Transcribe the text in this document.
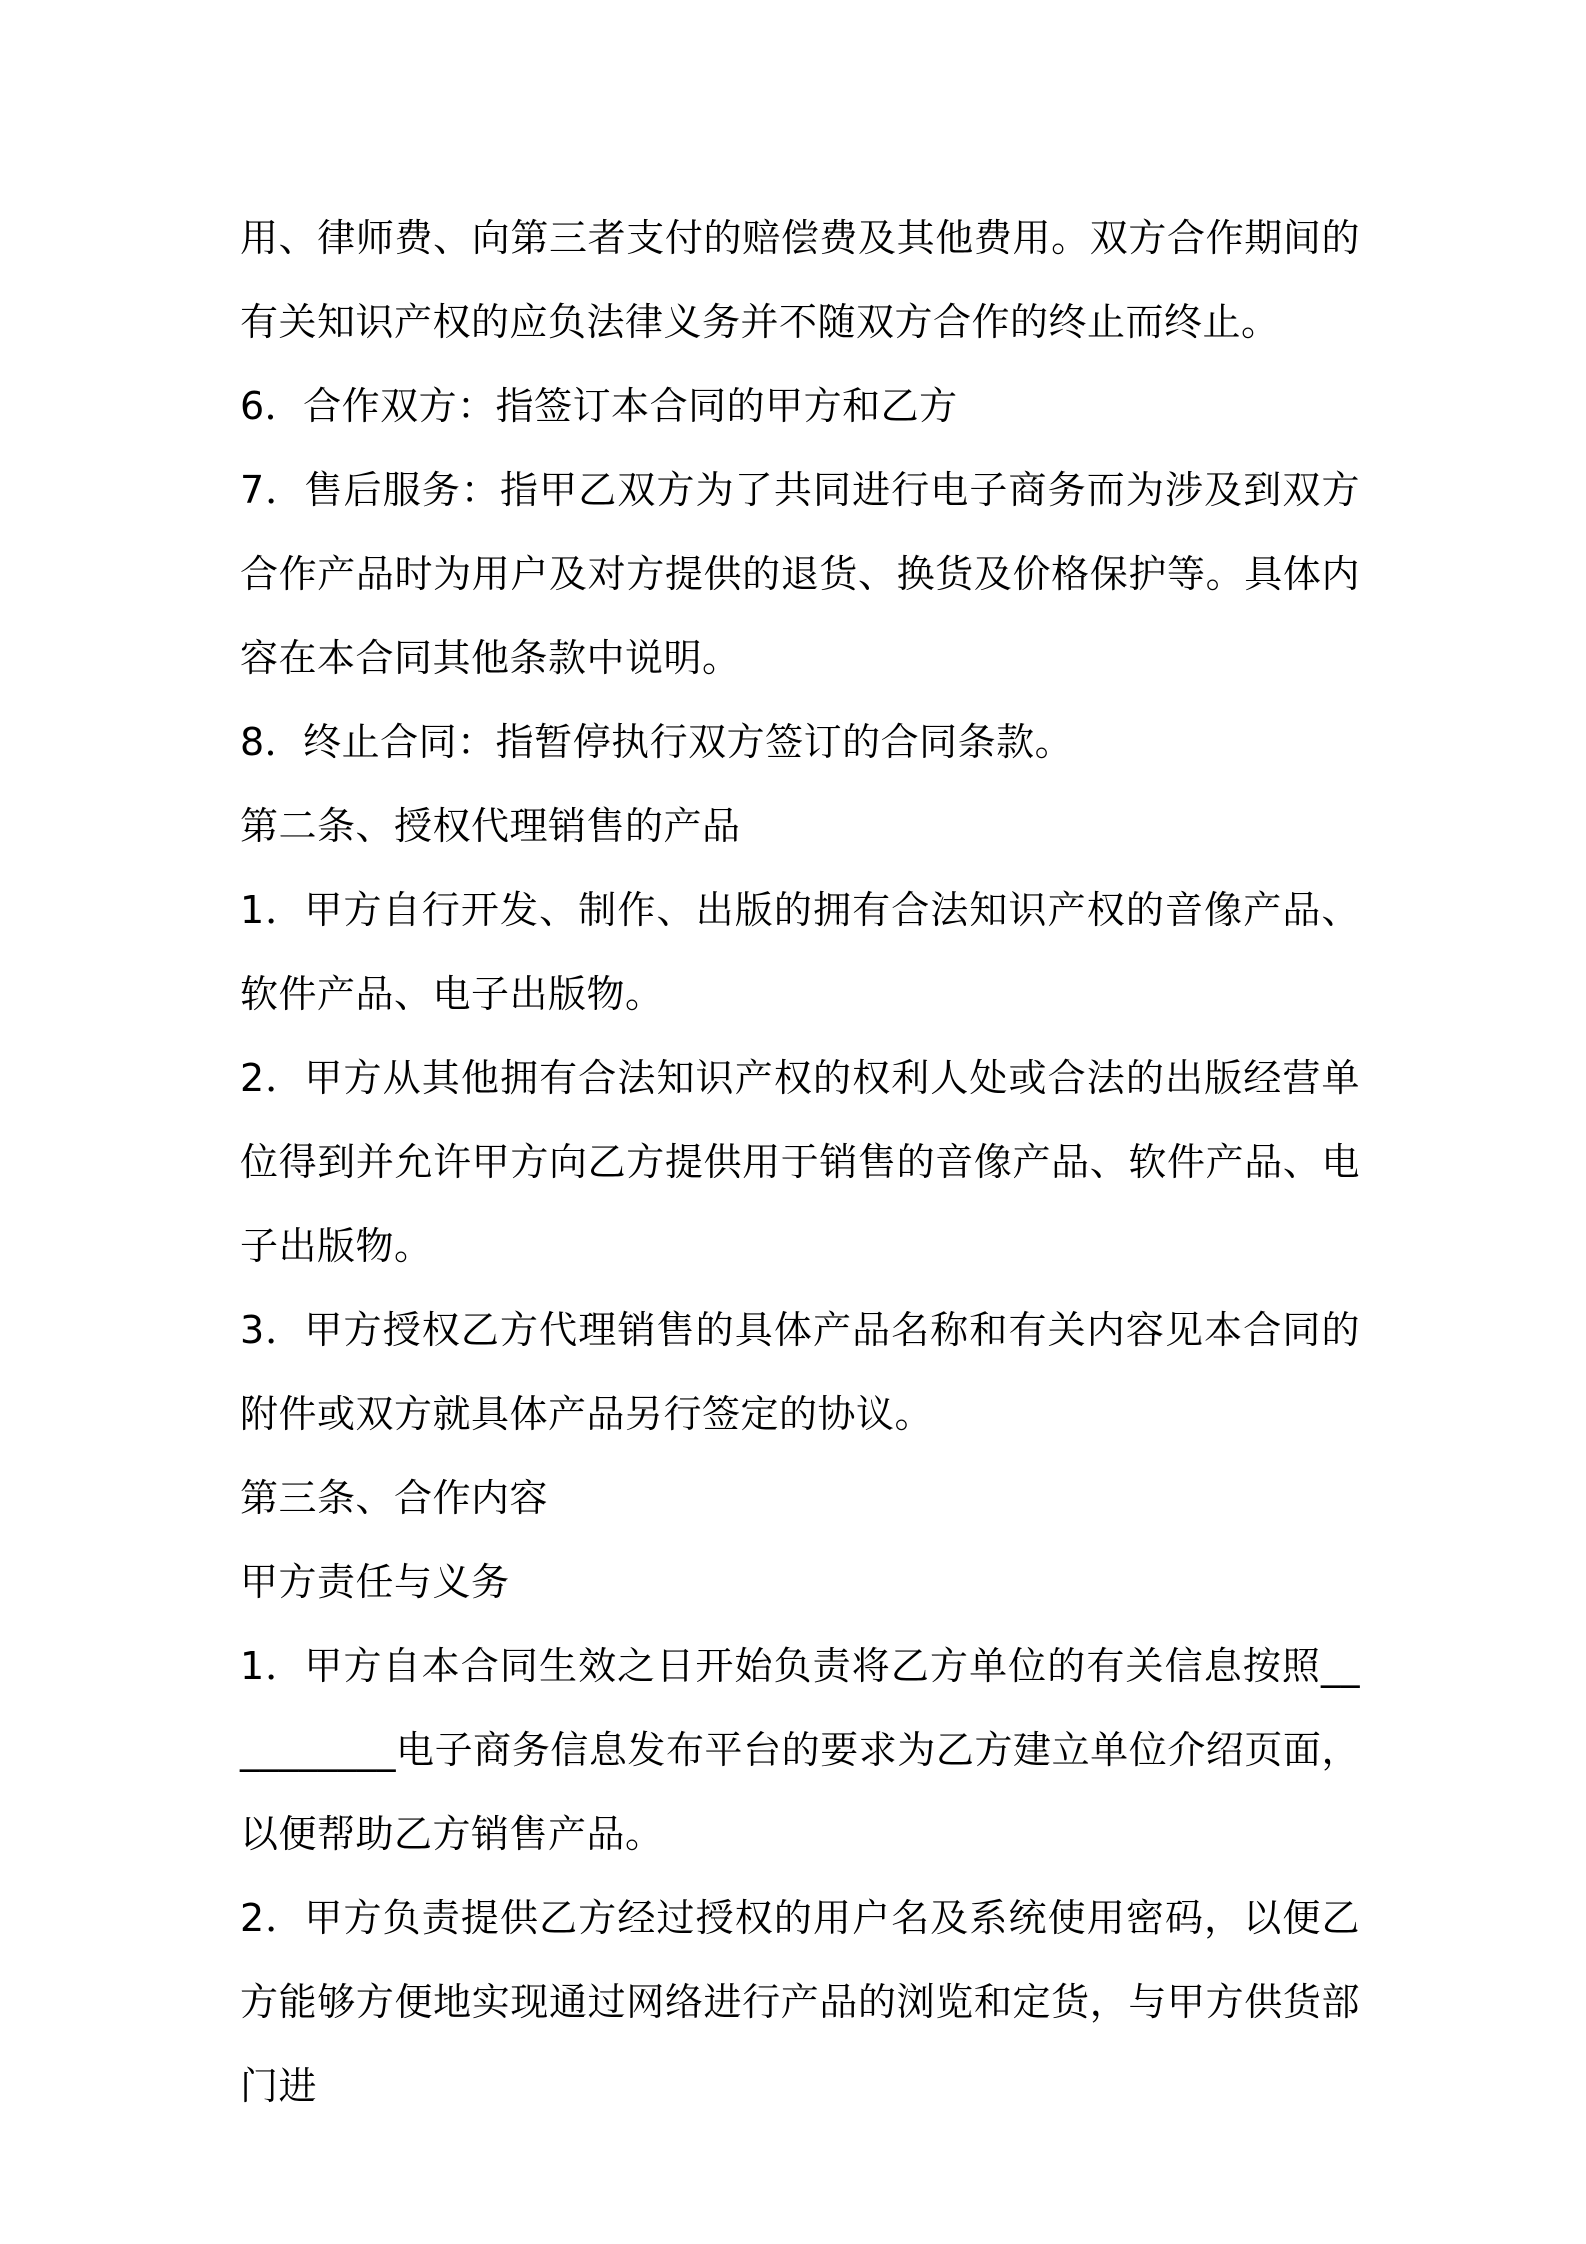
用、律师费、向第三者支付的赔偿费及其他费用。双方合作期间的有关知识产权的应负法律义务并不随双方合作的终止而终止。

6．合作双方：指签订本合同的甲方和乙方

7．售后服务：指甲乙双方为了共同进行电子商务而为涉及到双方合作产品时为用户及对方提供的退货、换货及价格保护等。具体内容在本合同其他条款中说明。

8．终止合同：指暂停执行双方签订的合同条款。

第二条、授权代理销售的产品

1．甲方自行开发、制作、出版的拥有合法知识产权的音像产品、软件产品、电子出版物。

2．甲方从其他拥有合法知识产权的权利人处或合法的出版经营单位得到并允许甲方向乙方提供用于销售的音像产品、软件产品、电子出版物。

3．甲方授权乙方代理销售的具体产品名称和有关内容见本合同的附件或双方就具体产品另行签定的协议。

第三条、合作内容

甲方责任与义务

1．甲方自本合同生效之日开始负责将乙方单位的有关信息按照__________电子商务信息发布平台的要求为乙方建立单位介绍页面，以便帮助乙方销售产品。

2．甲方负责提供乙方经过授权的用户名及系统使用密码，以便乙方能够方便地实现通过网络进行产品的浏览和定货，与甲方供货部门进
